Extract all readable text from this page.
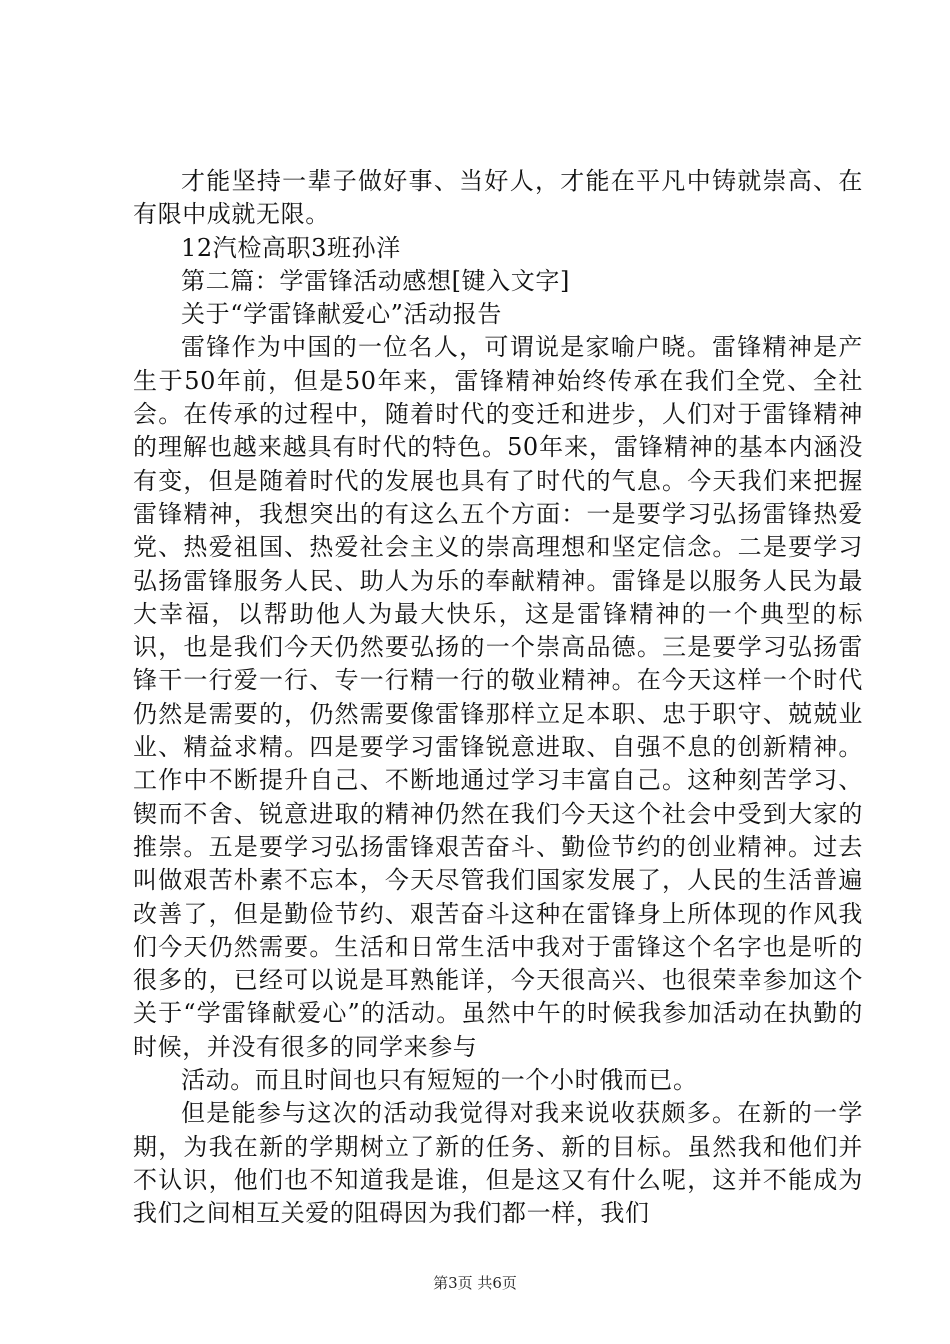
才能坚持一辈子做好事、当好人，才能在平凡中铸就崇高、在有限中成就无限。

12汽检高职3班孙洋

第二篇：学雷锋活动感想[键入文字]

关于“学雷锋献爱心”活动报告

雷锋作为中国的一位名人，可谓说是家喻户晓。雷锋精神是产生于50年前，但是50年来，雷锋精神始终传承在我们全党、全社会。在传承的过程中，随着时代的变迁和进步，人们对于雷锋精神的理解也越来越具有时代的特色。50年来，雷锋精神的基本内涵没有变，但是随着时代的发展也具有了时代的气息。今天我们来把握雷锋精神，我想突出的有这么五个方面：一是要学习弘扬雷锋热爱党、热爱祖国、热爱社会主义的崇高理想和坚定信念。二是要学习弘扬雷锋服务人民、助人为乐的奉献精神。雷锋是以服务人民为最大幸福，以帮助他人为最大快乐，这是雷锋精神的一个典型的标识，也是我们今天仍然要弘扬的一个崇高品德。三是要学习弘扬雷锋干一行爱一行、专一行精一行的敬业精神。在今天这样一个时代仍然是需要的，仍然需要像雷锋那样立足本职、忠于职守、兢兢业业、精益求精。四是要学习雷锋锐意进取、自强不息的创新精神。工作中不断提升自己、不断地通过学习丰富自己。这种刻苦学习、锲而不舍、锐意进取的精神仍然在我们今天这个社会中受到大家的推崇。五是要学习弘扬雷锋艰苦奋斗、勤俭节约的创业精神。过去叫做艰苦朴素不忘本，今天尽管我们国家发展了，人民的生活普遍改善了，但是勤俭节约、艰苦奋斗这种在雷锋身上所体现的作风我们今天仍然需要。生活和日常生活中我对于雷锋这个名字也是听的很多的，已经可以说是耳熟能详，今天很高兴、也很荣幸参加这个关于“学雷锋献爱心”的活动。虽然中午的时候我参加活动在执勤的时候，并没有很多的同学来参与

活动。而且时间也只有短短的一个小时俄而已。

但是能参与这次的活动我觉得对我来说收获颇多。在新的一学期，为我在新的学期树立了新的任务、新的目标。虽然我和他们并不认识，他们也不知道我是谁，但是这又有什么呢，这并不能成为我们之间相互关爱的阻碍因为我们都一样，我们

第3页 共6页
